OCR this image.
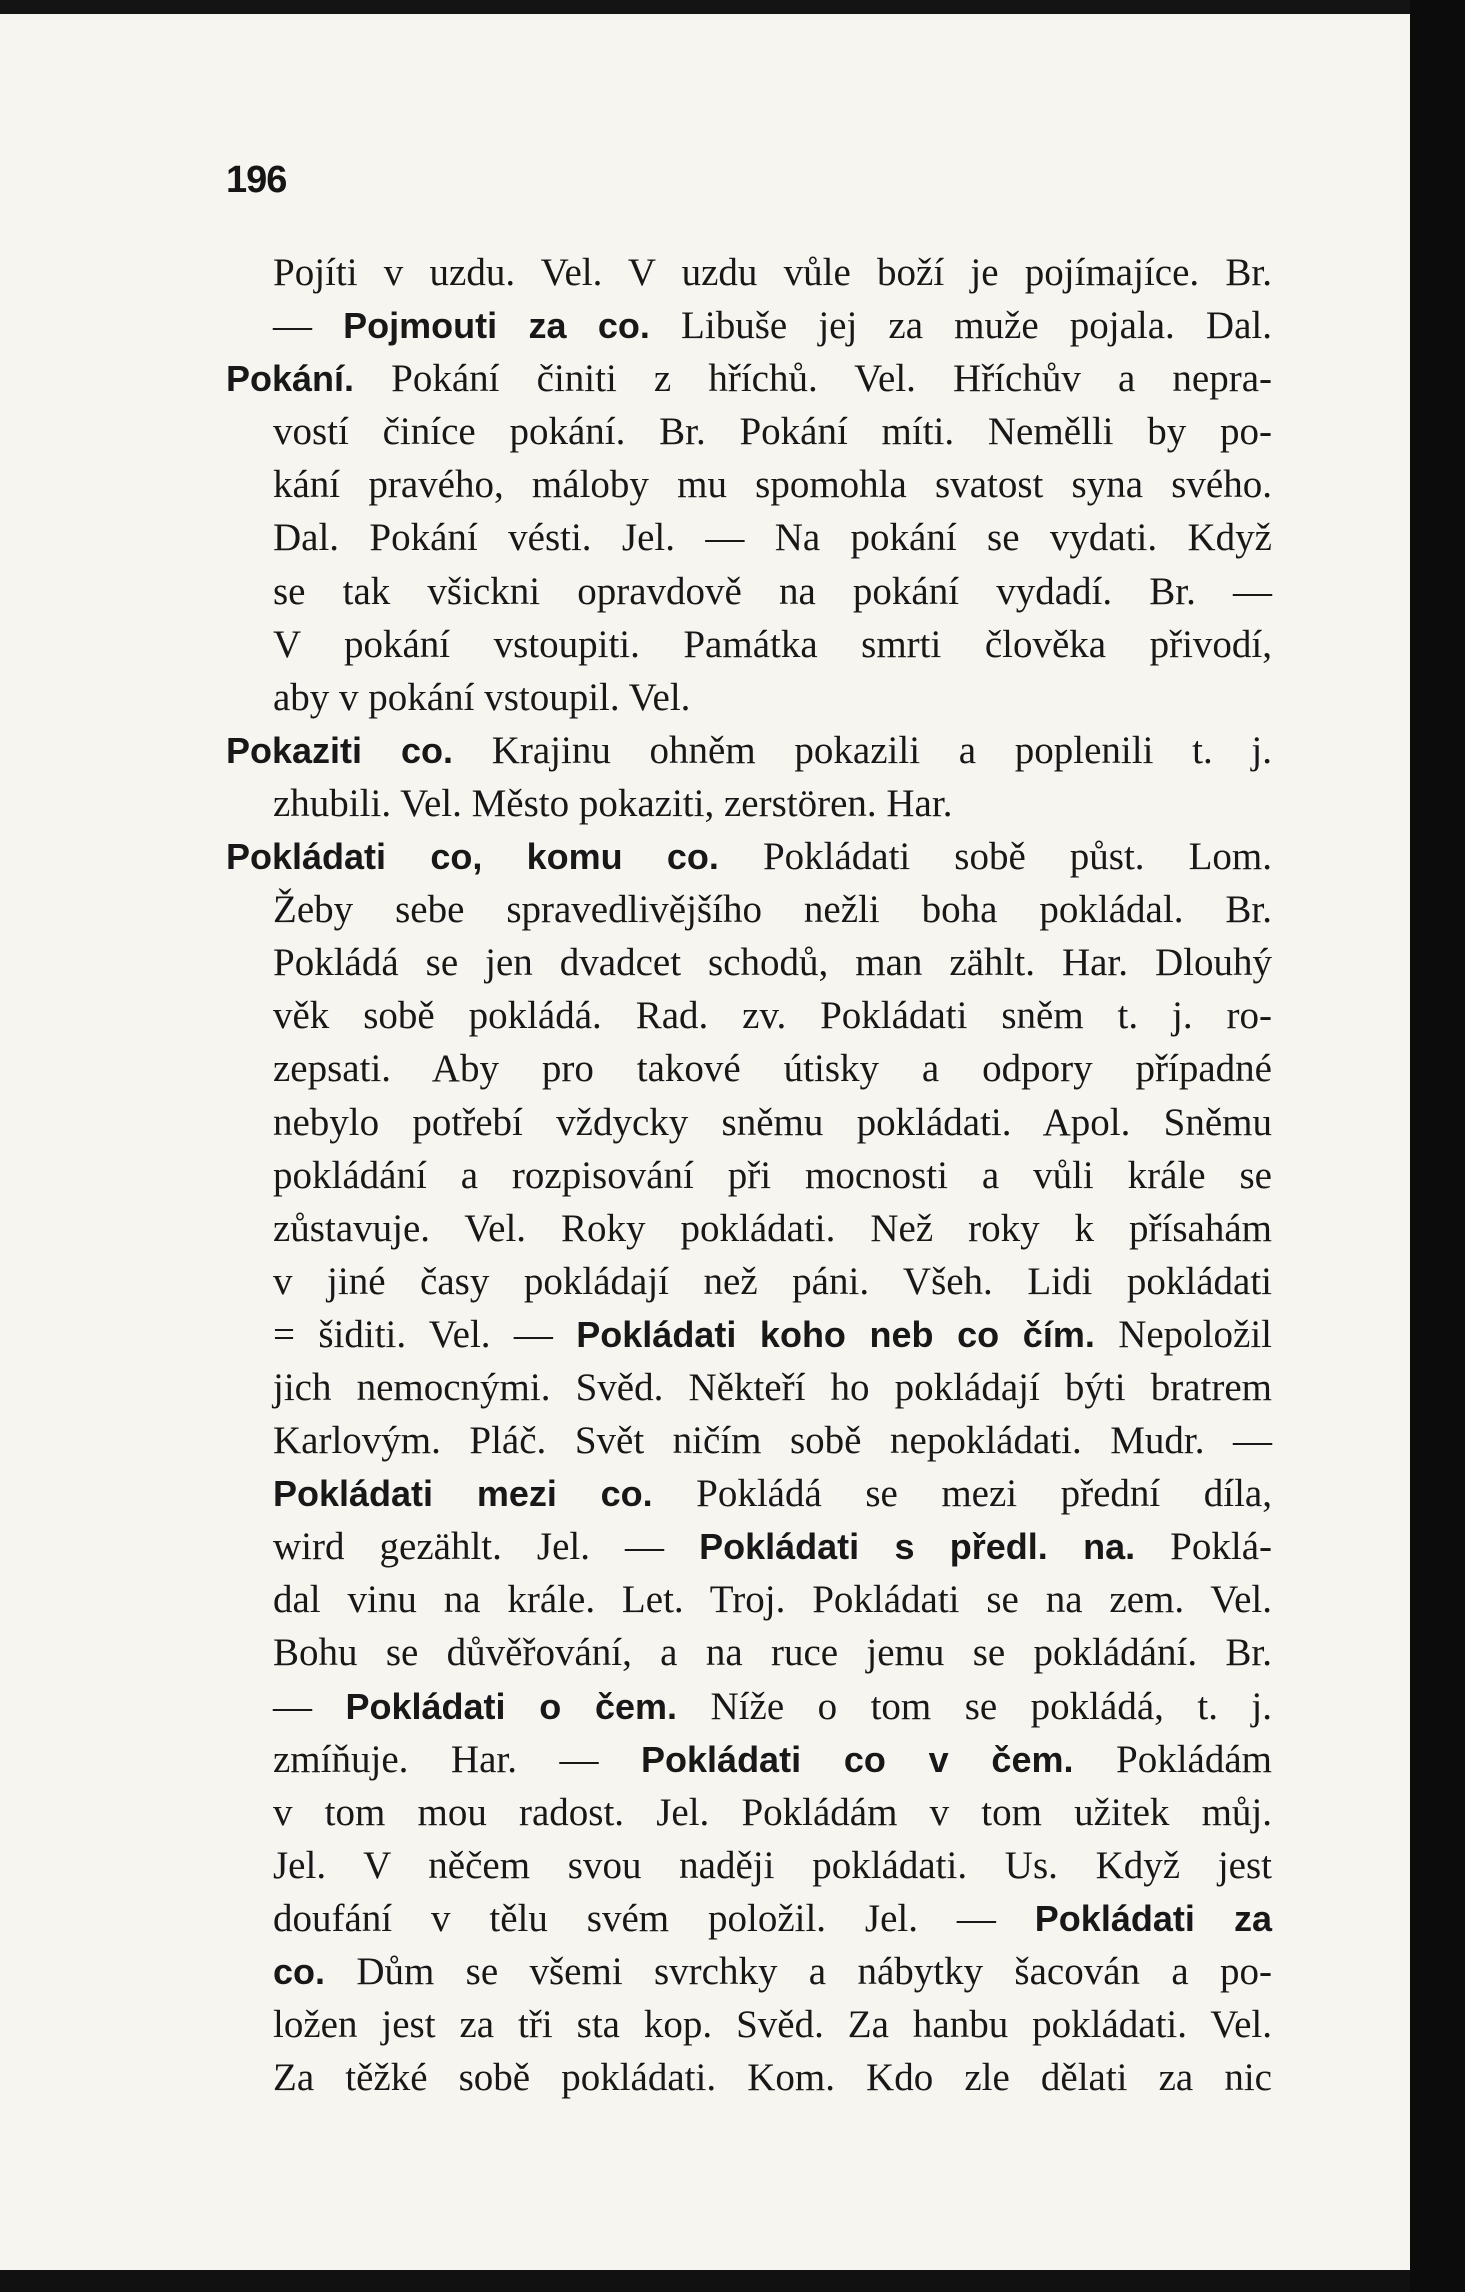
196
Pojíti v uzdu. Vel. V uzdu vůle boží je pojímajíce. Br.
— Pojmouti za co. Libuše jej za muže pojala. Dal.
Pokání. Pokání činiti z hříchů. Vel. Hříchův a nepra-
vostí činíce pokání. Br. Pokání míti. Nemělli by po-
kání pravého, máloby mu spomohla svatost syna svého.
Dal. Pokání vésti. Jel. — Na pokání se vydati. Když
se tak všickni opravdově na pokání vydadí. Br. —
V pokání vstoupiti. Památka smrti člověka přivodí,
aby v pokání vstoupil. Vel.
Pokaziti co. Krajinu ohněm pokazili a poplenili t. j.
zhubili. Vel. Město pokaziti, zerstören. Har.
Pokládati co, komu co. Pokládati sobě půst. Lom.
Žeby sebe spravedlivějšího nežli boha pokládal. Br.
Pokládá se jen dvadcet schodů, man zählt. Har. Dlouhý
věk sobě pokládá. Rad. zv. Pokládati sněm t. j. ro-
zepsati. Aby pro takové útisky a odpory případné
nebylo potřebí vždycky sněmu pokládati. Apol. Sněmu
pokládání a rozpisování při mocnosti a vůli krále se
zůstavuje. Vel. Roky pokládati. Než roky k přísahám
v jiné časy pokládají než páni. Všeh. Lidi pokládati
= šiditi. Vel. — Pokládati koho neb co čím. Nepoložil
jich nemocnými. Svěd. Někteří ho pokládají býti bratrem
Karlovým. Pláč. Svět ničím sobě nepokládati. Mudr. —
Pokládati mezi co. Pokládá se mezi přední díla,
wird gezählt. Jel. — Pokládati s předl. na. Poklá-
dal vinu na krále. Let. Troj. Pokládati se na zem. Vel.
Bohu se důvěřování, a na ruce jemu se pokládání. Br.
— Pokládati o čem. Níže o tom se pokládá, t. j.
zmíňuje. Har. — Pokládati co v čem. Pokládám
v tom mou radost. Jel. Pokládám v tom užitek můj.
Jel. V něčem svou naději pokládati. Us. Když jest
doufání v tělu svém položil. Jel. — Pokládati za
co. Dům se všemi svrchky a nábytky šacován a po-
ložen jest za tři sta kop. Svěd. Za hanbu pokládati. Vel.
Za těžké sobě pokládati. Kom. Kdo zle dělati za nic
